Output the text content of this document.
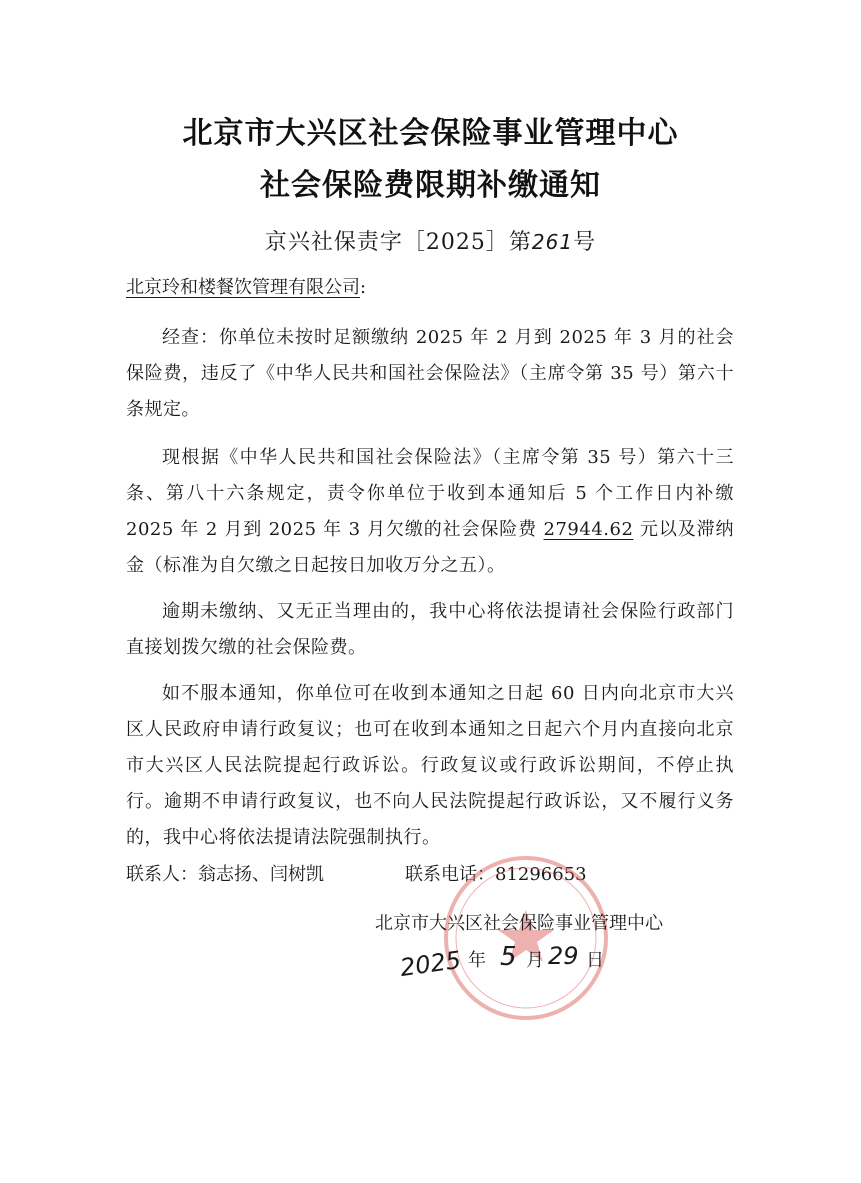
北京市大兴区社会保险事业管理中心
社会保险费限期补缴通知
京兴社保责字［2025］第261号
北京玲和楼餐饮管理有限公司:
经查：你单位未按时足额缴纳 2025 年 2 月到 2025 年 3 月的社会保险费，违反了《中华人民共和国社会保险法》（主席令第 35 号）第六十条规定。
现根据《中华人民共和国社会保险法》（主席令第 35 号）第六十三条、第八十六条规定，责令你单位于收到本通知后 5 个工作日内补缴 2025 年 2 月到 2025 年 3 月欠缴的社会保险费 27944.62 元以及滞纳金（标准为自欠缴之日起按日加收万分之五）。
逾期未缴纳、又无正当理由的，我中心将依法提请社会保险行政部门直接划拨欠缴的社会保险费。
如不服本通知，你单位可在收到本通知之日起 60 日内向北京市大兴区人民政府申请行政复议；也可在收到本通知之日起六个月内直接向北京市大兴区人民法院提起行政诉讼。行政复议或行政诉讼期间，不停止执行。逾期不申请行政复议，也不向人民法院提起行政诉讼，又不履行义务的，我中心将依法提请法院强制执行。
联系人：翁志扬、闫树凯	联系电话：81296653
北京市大兴区社会保险事业管理中心
2025 年 5 月 29 日
